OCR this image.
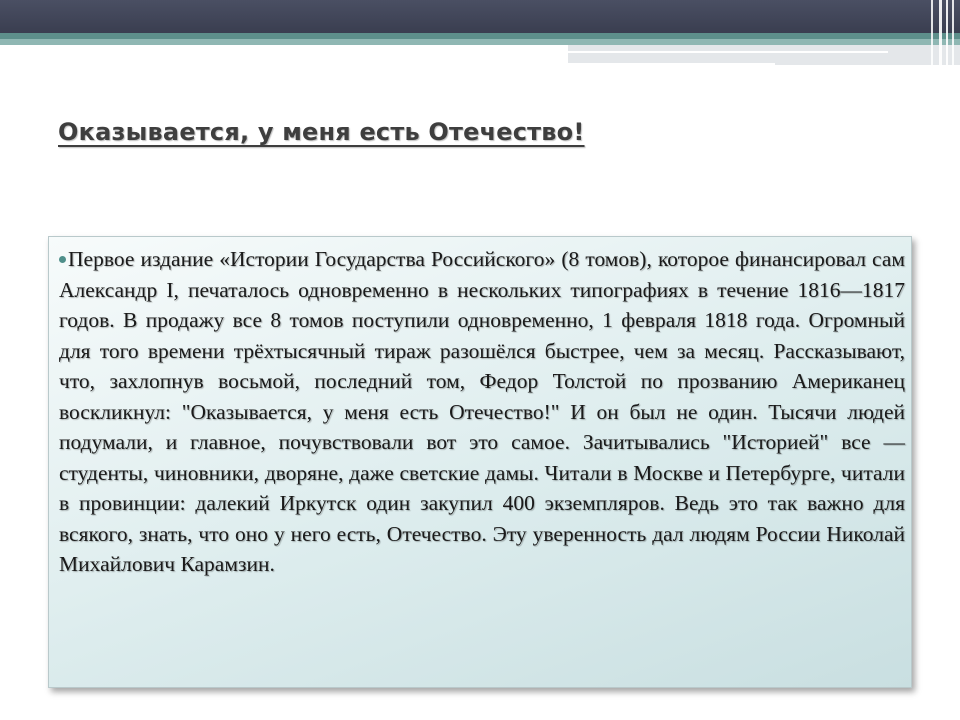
Оказывается, у меня есть Отечество!

Первое издание «Истории Государства Российского» (8 томов), которое финансировал сам Александр I, печаталось одновременно в нескольких типографиях в течение 1816—1817 годов. В продажу все 8 томов поступили одновременно, 1 февраля 1818 года. Огромный для того времени трёхтысячный тираж разошёлся быстрее, чем за месяц. Рассказывают, что, захлопнув восьмой, последний том, Федор Толстой по прозванию Американец воскликнул: "Оказывается, у меня есть Отечество!" И он был не один. Тысячи людей подумали, и главное, почувствовали вот это самое. Зачитывались "Историей" все — студенты, чиновники, дворяне, даже светские дамы. Читали в Москве и Петербурге, читали в провинции: далекий Иркутск один закупил 400 экземпляров. Ведь это так важно для всякого, знать, что оно у него есть, Отечество. Эту уверенность дал людям России Николай Михайлович Карамзин.
